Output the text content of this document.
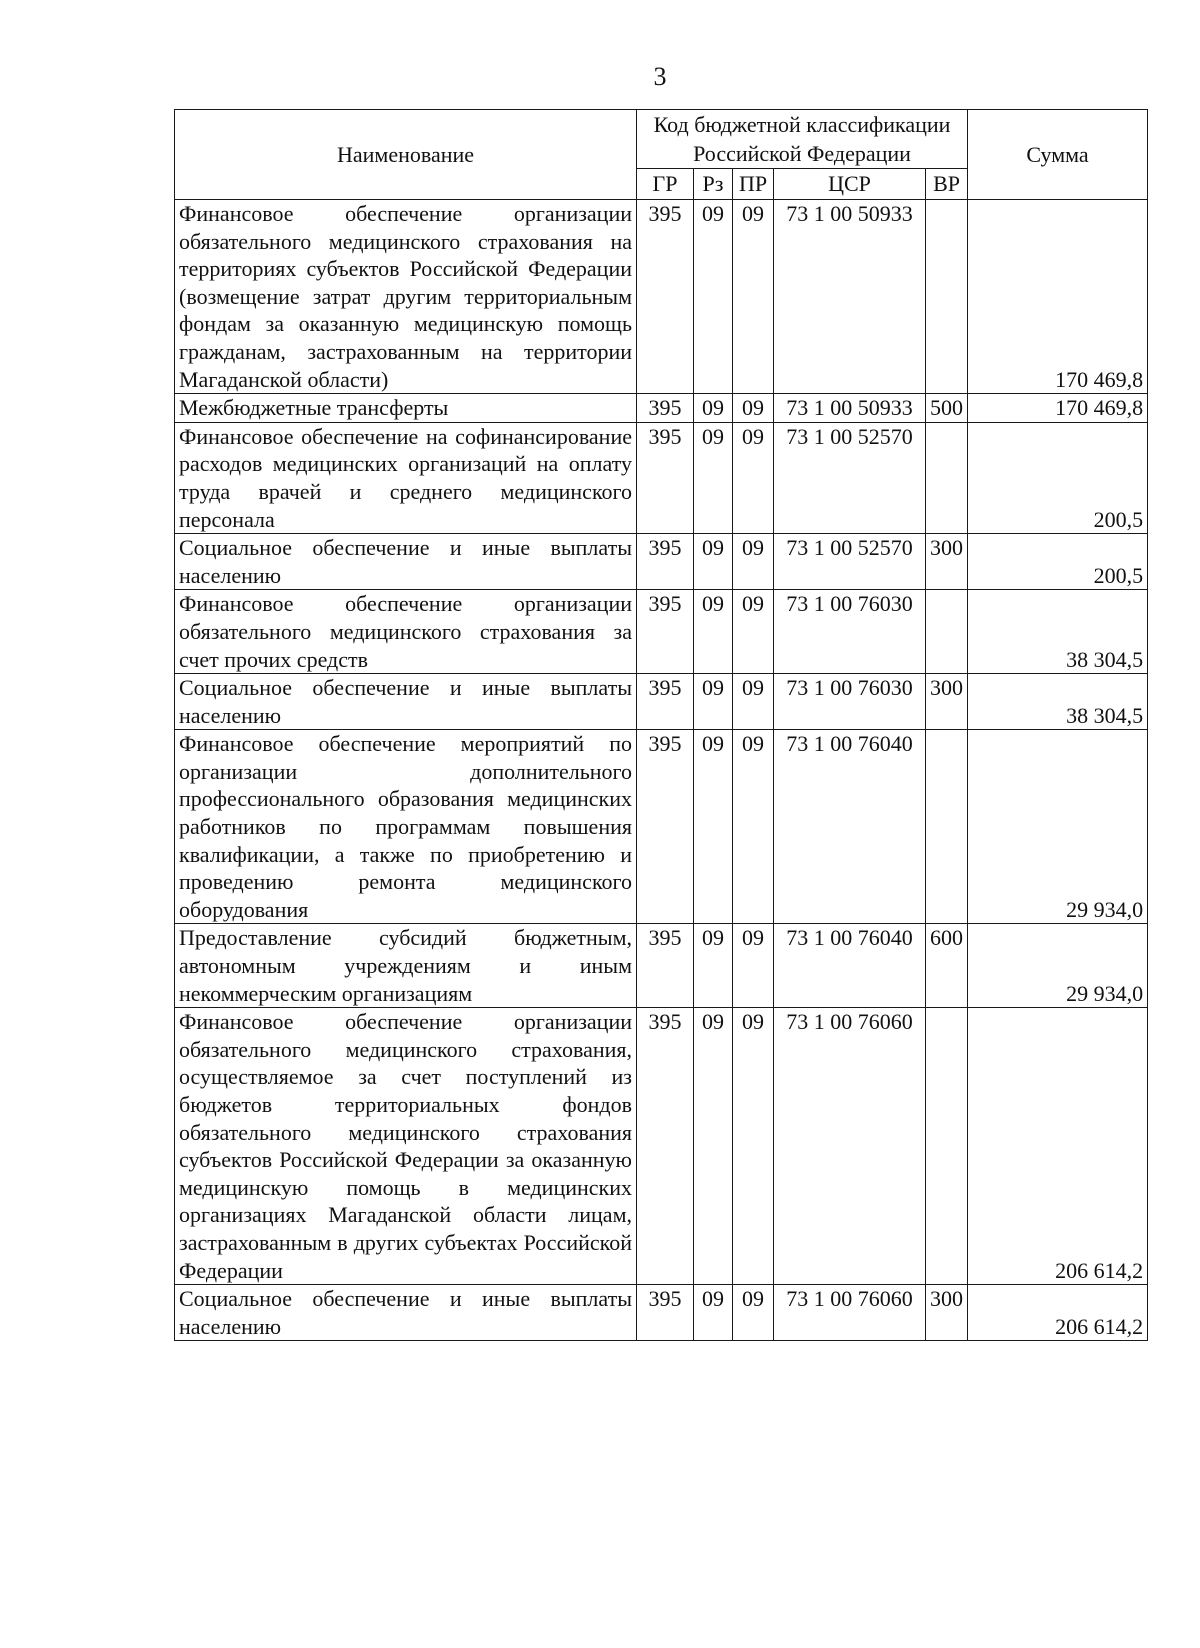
3
Наименование	Код бюджетной классификации Российской Федерации					Сумма
	ГР	Рз	ПР	ЦСР	ВР	
Финансовое обеспечение организации обязательного медицинского страхования на территориях субъектов Российской Федерации (возмещение затрат другим территориальным фондам за оказанную медицинскую помощь гражданам, застрахованным на территории Магаданской области)	395	09	09	73 1 00 50933		170 469,8
Межбюджетные трансферты	395	09	09	73 1 00 50933	500	170 469,8
Финансовое обеспечение на софинансирование расходов медицинских организаций на оплату труда врачей и среднего медицинского персонала	395	09	09	73 1 00 52570		200,5
Социальное обеспечение и иные выплаты населению	395	09	09	73 1 00 52570	300	200,5
Финансовое обеспечение организации обязательного медицинского страхования за счет прочих средств	395	09	09	73 1 00 76030		38 304,5
Социальное обеспечение и иные выплаты населению	395	09	09	73 1 00 76030	300	38 304,5
Финансовое обеспечение мероприятий по организации дополнительного профессионального образования медицинских работников по программам повышения квалификации, а также по приобретению и проведению ремонта медицинского оборудования	395	09	09	73 1 00 76040		29 934,0
Предоставление субсидий бюджетным, автономным учреждениям и иным некоммерческим организациям	395	09	09	73 1 00 76040	600	29 934,0
Финансовое обеспечение организации обязательного медицинского страхования, осуществляемое за счет поступлений из бюджетов территориальных фондов обязательного медицинского страхования субъектов Российской Федерации за оказанную медицинскую помощь в медицинских организациях Магаданской области лицам, застрахованным в других субъектах Российской Федерации	395	09	09	73 1 00 76060		206 614,2
Социальное обеспечение и иные выплаты населению	395	09	09	73 1 00 76060	300	206 614,2
